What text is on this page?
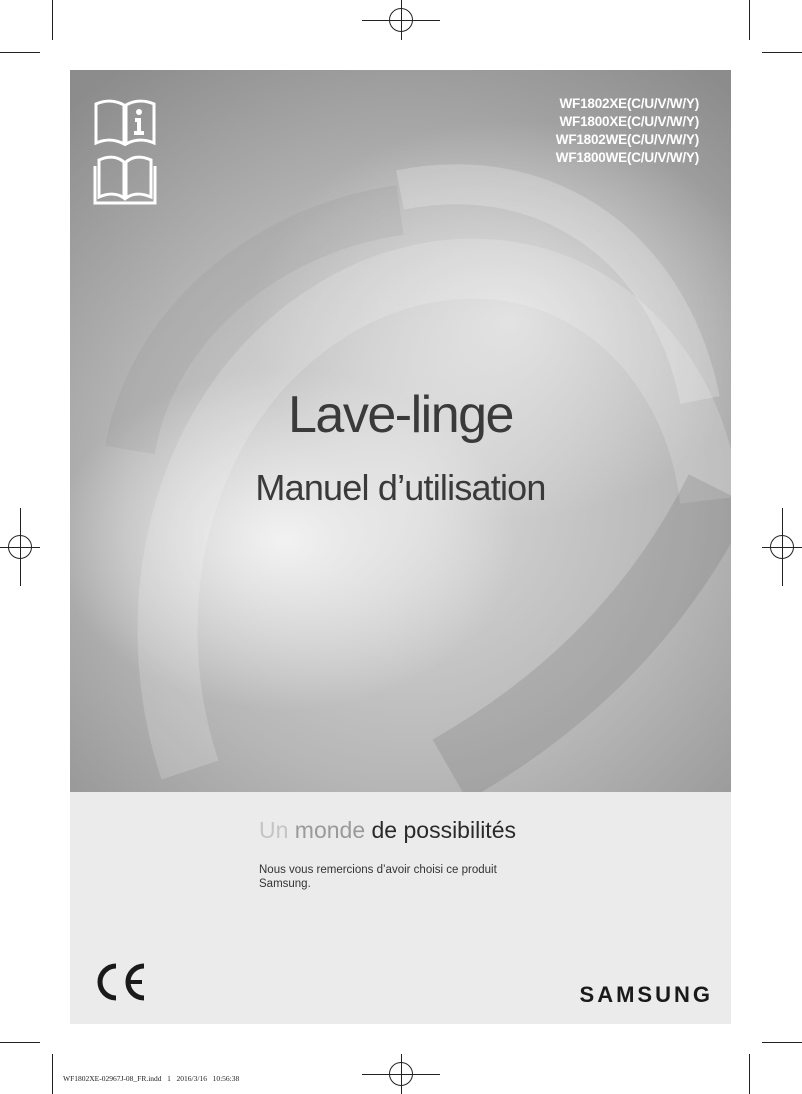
WF1802XE(C/U/V/W/Y)
WF1800XE(C/U/V/W/Y)
WF1802WE(C/U/V/W/Y)
WF1800WE(C/U/V/W/Y)
Lave-linge
Manuel d’utilisation
Un monde de possibilités
Nous vous remercions d’avoir choisi ce produit Samsung.
SAMSUNG
WF1802XE-02967J-08_FR.indd   1   2016/3/16   10:56:38
